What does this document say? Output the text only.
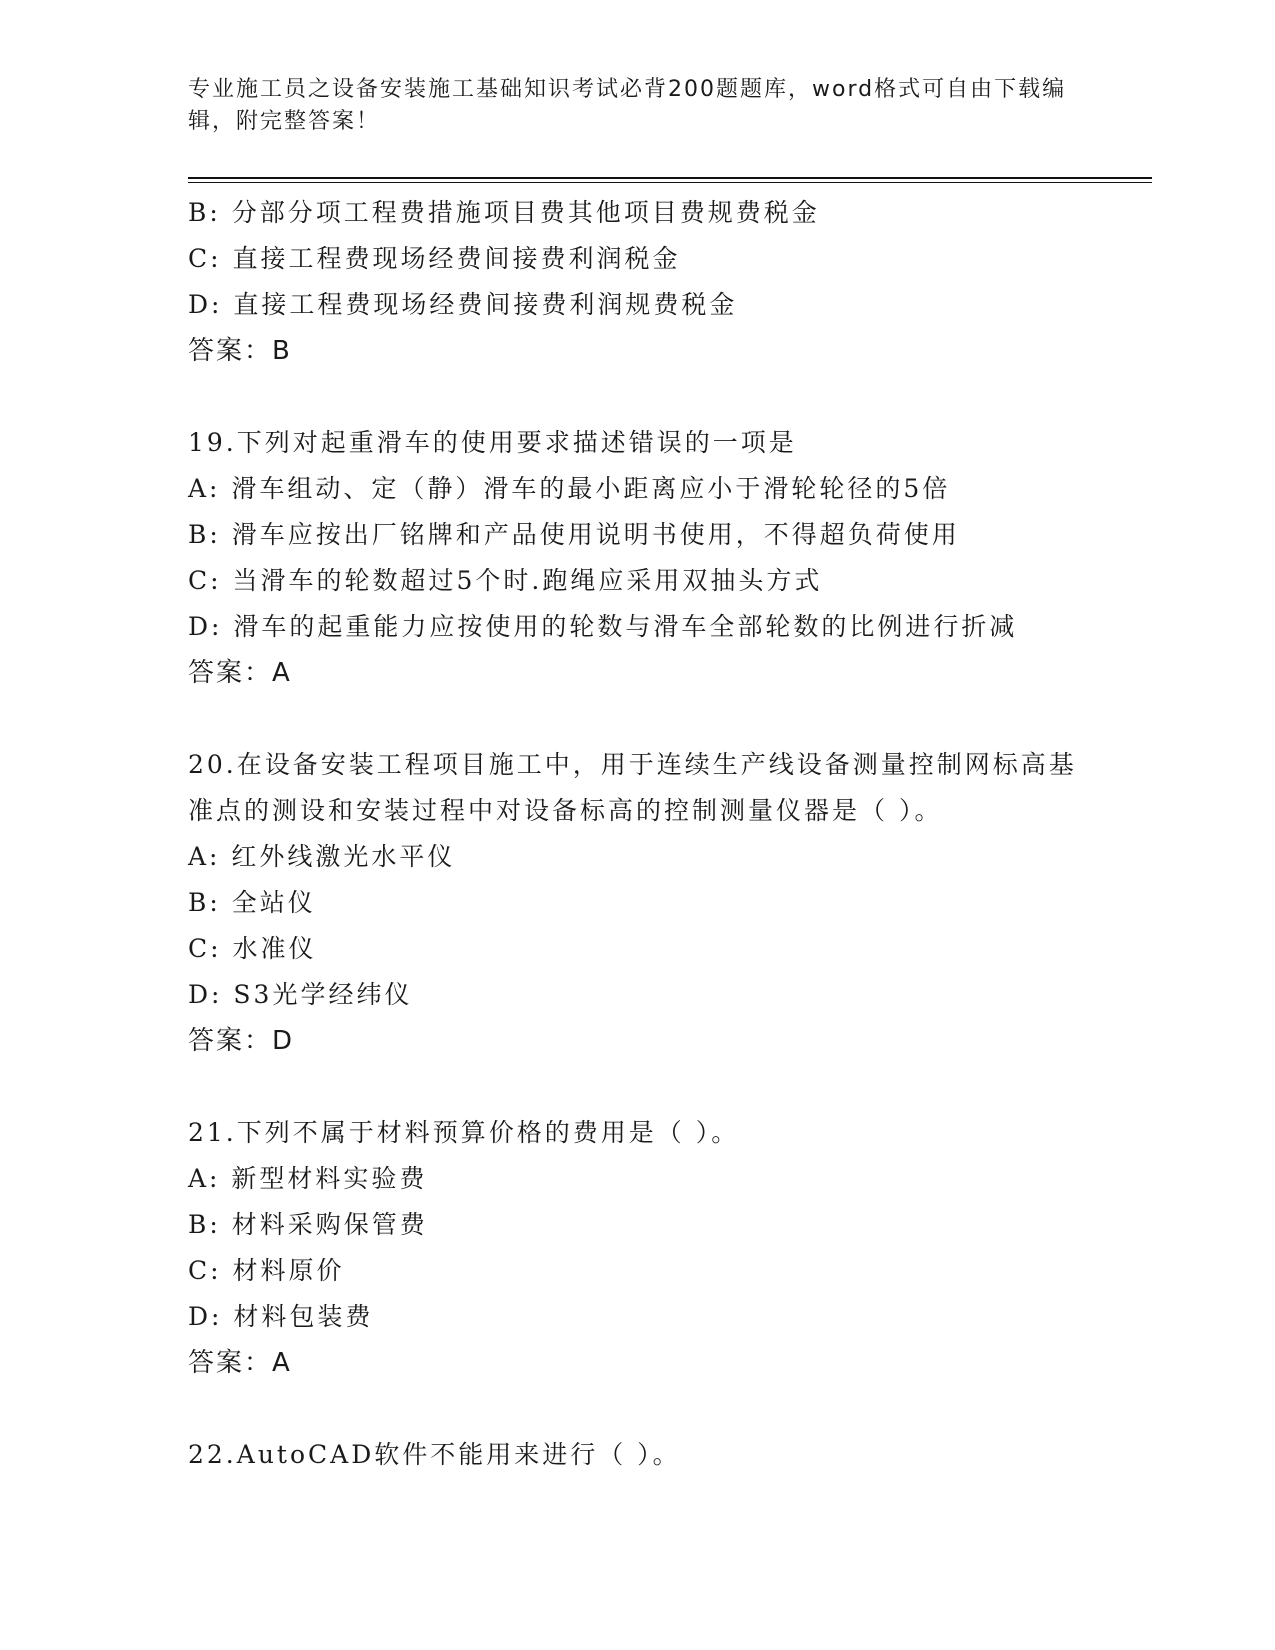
专业施工员之设备安装施工基础知识考试必背200题题库，word格式可自由下载编辑，附完整答案！
B: 分部分项工程费措施项目费其他项目费规费税金
C: 直接工程费现场经费间接费利润税金
D: 直接工程费现场经费间接费利润规费税金
答案：B
19.下列对起重滑车的使用要求描述错误的一项是
A: 滑车组动、定（静）滑车的最小距离应小于滑轮轮径的5倍
B: 滑车应按出厂铭牌和产品使用说明书使用，不得超负荷使用
C: 当滑车的轮数超过5个时.跑绳应采用双抽头方式
D: 滑车的起重能力应按使用的轮数与滑车全部轮数的比例进行折减
答案：A
20.在设备安装工程项目施工中，用于连续生产线设备测量控制网标高基准点的测设和安装过程中对设备标高的控制测量仪器是（ ）。
A: 红外线激光水平仪
B: 全站仪
C: 水准仪
D: S3光学经纬仪
答案：D
21.下列不属于材料预算价格的费用是（ ）。
A: 新型材料实验费
B: 材料采购保管费
C: 材料原价
D: 材料包装费
答案：A
22.AutoCAD软件不能用来进行（ ）。
